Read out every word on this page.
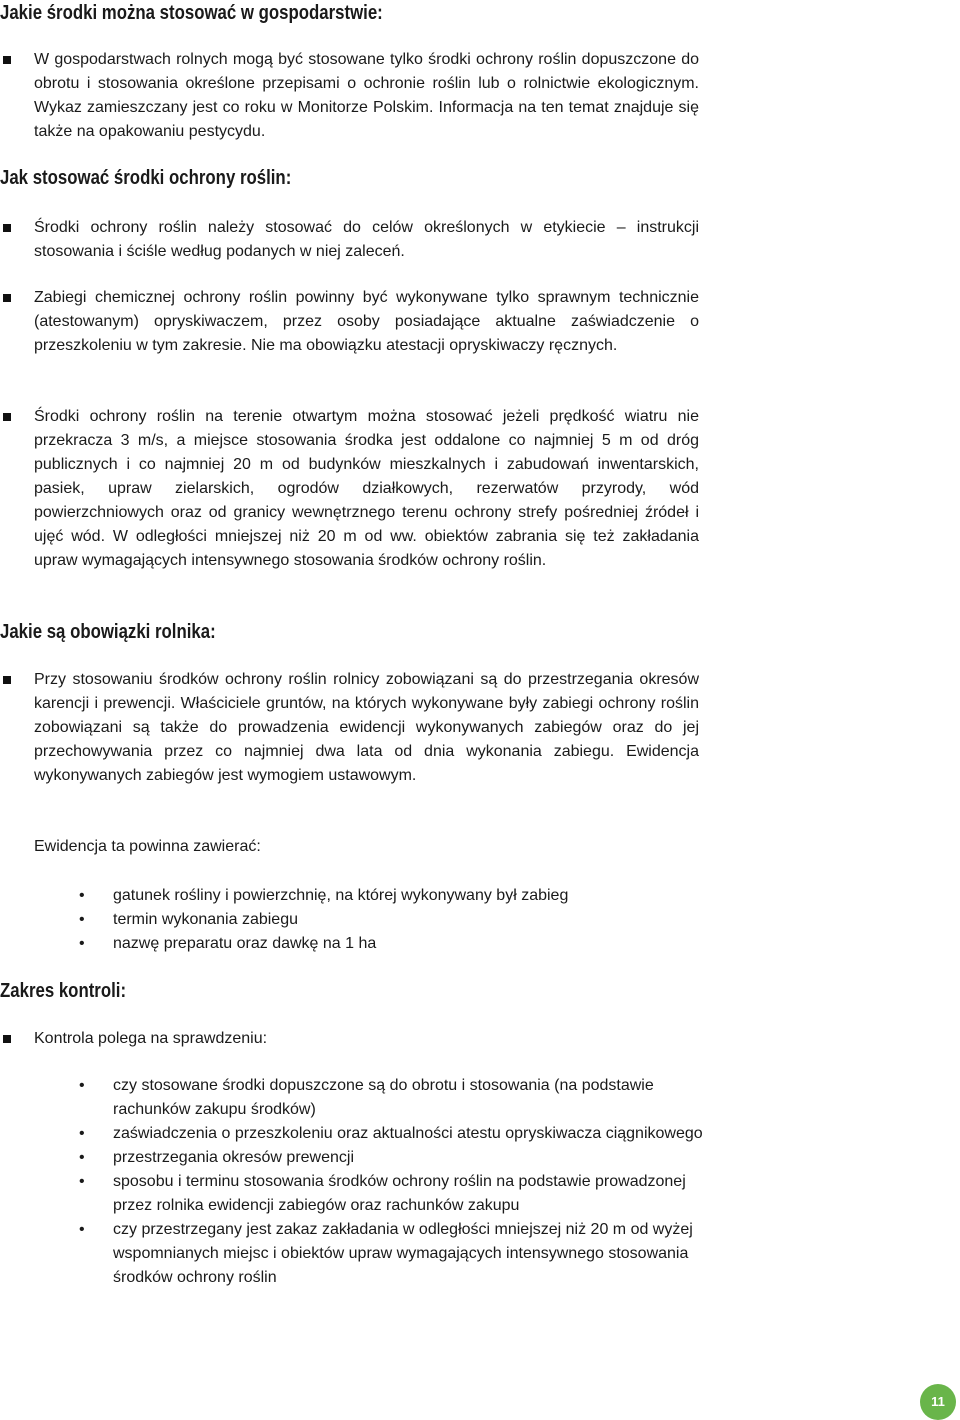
Jakie środki można stosować w gospodarstwie:

W gospodarstwach rolnych mogą być stosowane tylko środki ochrony roślin dopuszczone do obrotu i stosowania określone przepisami o ochronie roślin lub o rolnictwie ekologicznym. Wykaz zamieszczany jest co roku w Monitorze Polskim. Informacja na ten temat znajduje się także na opakowaniu pestycydu.

Jak stosować środki ochrony roślin:

Środki ochrony roślin należy stosować do celów określonych w etykiecie – instrukcji stosowania i ściśle według podanych w niej zaleceń.

Zabiegi chemicznej ochrony roślin powinny być wykonywane tylko sprawnym technicznie (atestowanym) opryskiwaczem, przez osoby posiadające aktualne zaświadczenie o przeszkoleniu w tym zakresie. Nie ma obowiązku atestacji opryskiwaczy ręcznych.

Środki ochrony roślin na terenie otwartym można stosować jeżeli prędkość wiatru nie przekracza 3 m/s, a miejsce stosowania środka jest oddalone co najmniej 5 m od dróg publicznych i co najmniej 20 m od budynków mieszkalnych i zabudowań inwentarskich, pasiek, upraw zielarskich, ogrodów działkowych, rezerwatów przyrody, wód powierzchniowych oraz od granicy wewnętrznego terenu ochrony strefy pośredniej źródeł i ujęć wód. W odległości mniejszej niż 20 m od ww. obiektów zabrania się też zakładania upraw wymagających intensywnego stosowania środków ochrony roślin.

Jakie są obowiązki rolnika:

Przy stosowaniu środków ochrony roślin rolnicy zobowiązani są do przestrzegania okresów karencji i prewencji. Właściciele gruntów, na których wykonywane były zabiegi ochrony roślin zobowiązani są także do prowadzenia ewidencji wykonywanych zabiegów oraz do jej przechowywania przez co najmniej dwa lata od dnia wykonania zabiegu. Ewidencja wykonywanych zabiegów jest wymogiem ustawowym.

Ewidencja ta powinna zawierać:

• gatunek rośliny i powierzchnię, na której wykonywany był zabieg
• termin wykonania zabiegu
• nazwę preparatu oraz dawkę na 1 ha
Zakres kontroli:

Kontrola polega na sprawdzeniu:

• czy stosowane środki dopuszczone są do obrotu i stosowania (na podstawie rachunków zakupu środków)
• zaświadczenia o przeszkoleniu oraz aktualności atestu opryskiwacza ciągnikowego
• przestrzegania okresów prewencji
• sposobu i terminu stosowania środków ochrony roślin na podstawie prowadzonej przez rolnika ewidencji zabiegów oraz rachunków zakupu
• czy przestrzegany jest zakaz zakładania w odległości mniejszej niż 20 m od wyżej wspomnianych miejsc i obiektów upraw wymagających intensywnego stosowania środków ochrony roślin
11
